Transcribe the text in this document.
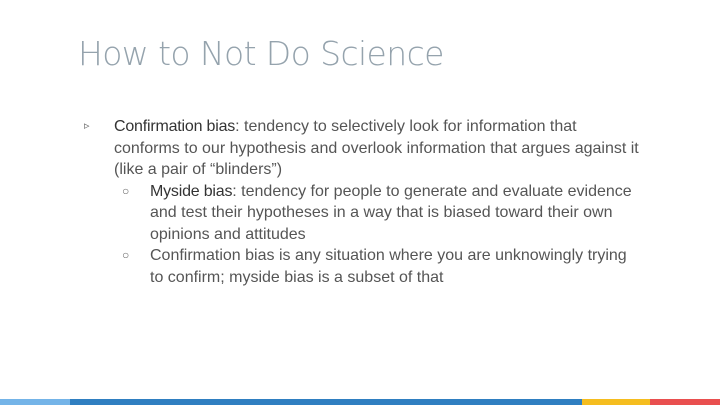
How to Not Do Science
▹ Confirmation bias: tendency to selectively look for information that conforms to our hypothesis and overlook information that argues against it (like a pair of “blinders”)
○ Myside bias: tendency for people to generate and evaluate evidence and test their hypotheses in a way that is biased toward their own opinions and attitudes
○ Confirmation bias is any situation where you are unknowingly trying to confirm; myside bias is a subset of that
